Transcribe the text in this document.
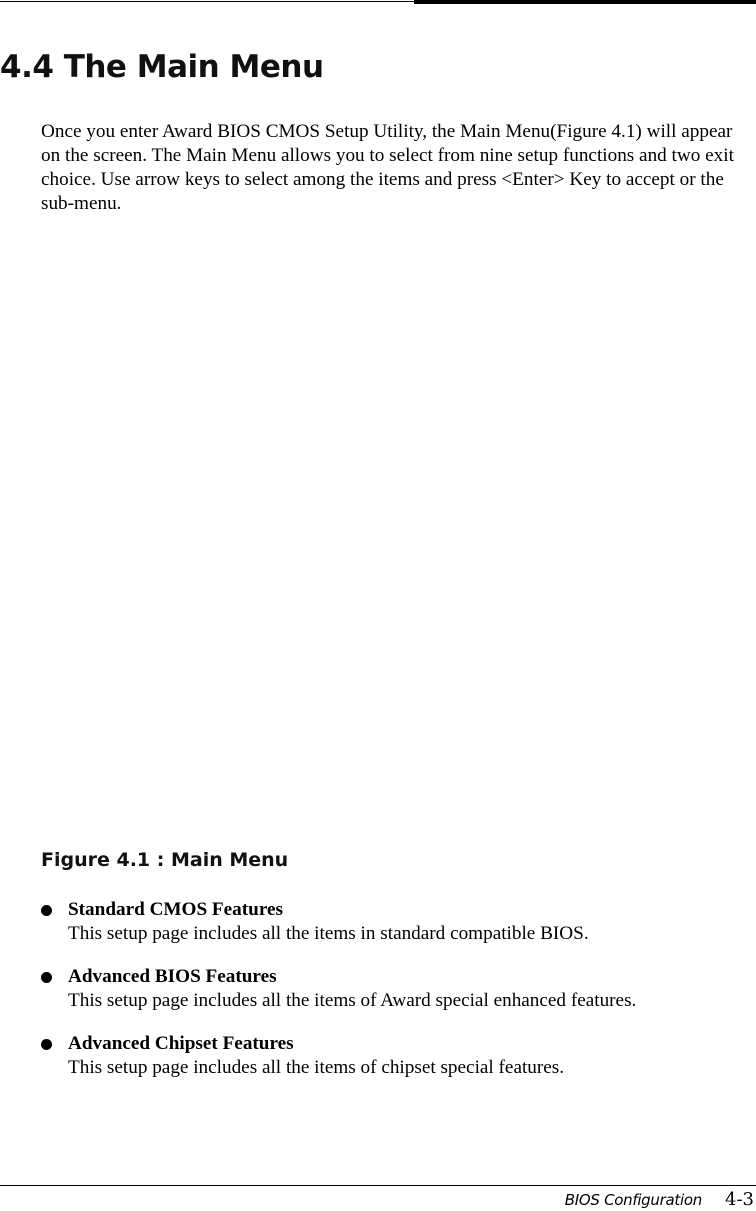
4.4 The Main Menu

Once you enter Award BIOS CMOS Setup Utility, the Main Menu(Figure 4.1) will appear on the screen. The Main Menu allows you to select from nine setup functions and two exit choice. Use arrow keys to select among the items and press <Enter> Key to accept or the sub-menu.

Figure 4.1 : Main Menu
Standard CMOS Features
This setup page includes all the items in standard compatible BIOS.
Advanced BIOS Features
This setup page includes all the items of Award special enhanced features.
Advanced Chipset Features
This setup page includes all the items of chipset special features.
BIOS Configuration 4-3
